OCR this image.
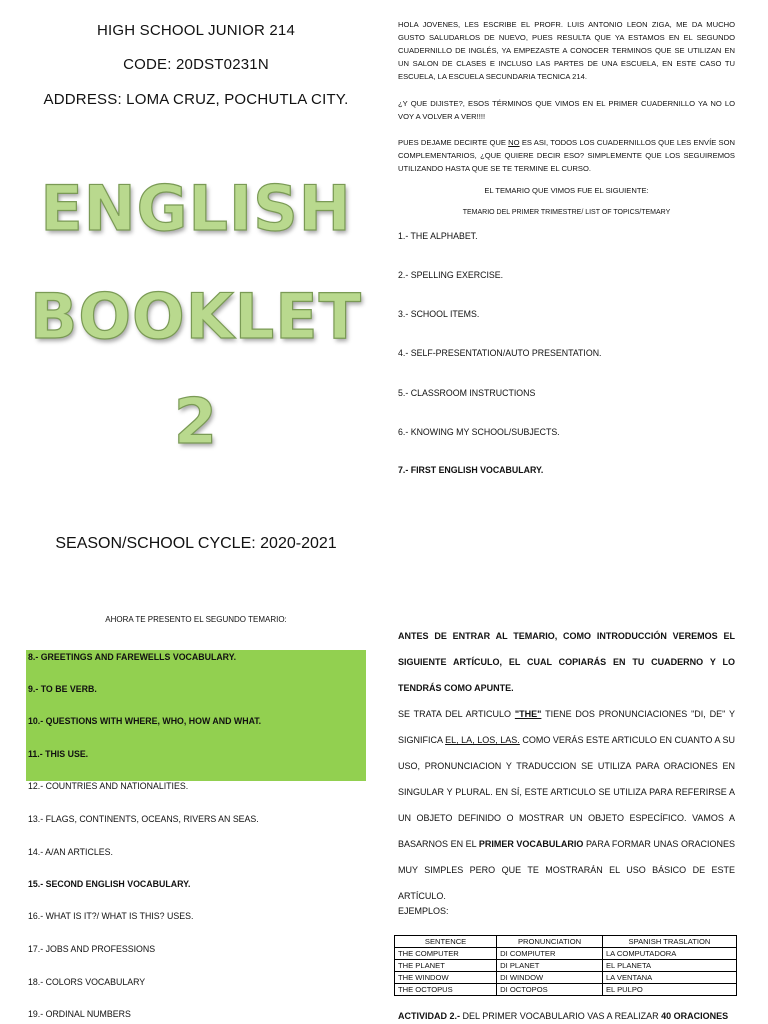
HIGH SCHOOL JUNIOR 214
CODE: 20DST0231N
ADDRESS: LOMA CRUZ, POCHUTLA CITY.
ENGLISH
BOOKLET
2
SEASON/SCHOOL CYCLE: 2020-2021
HOLA JOVENES, LES ESCRIBE EL PROFR. LUIS ANTONIO LEON ZIGA, ME DA MUCHO GUSTO SALUDARLOS DE NUEVO, PUES RESULTA QUE YA ESTAMOS EN EL SEGUNDO CUADERNILLO DE INGLÉS, YA EMPEZASTE A CONOCER TERMINOS QUE SE UTILIZAN EN UN SALON DE CLASES E INCLUSO LAS PARTES DE UNA ESCUELA, EN ESTE CASO TU ESCUELA, LA ESCUELA SECUNDARIA TECNICA 214.
¿Y QUE DIJISTE?, ESOS TÉRMINOS QUE VIMOS EN EL PRIMER CUADERNILLO YA NO LO VOY A VOLVER A VER!!!!
PUES DEJAME DECIRTE QUE NO ES ASI, TODOS LOS CUADERNILLOS QUE LES ENVÍE SON COMPLEMENTARIOS, ¿QUE QUIERE DECIR ESO? SIMPLEMENTE QUE LOS SEGUIREMOS UTILIZANDO HASTA QUE SE TE TERMINE EL CURSO.
EL TEMARIO QUE VIMOS FUE EL SIGUIENTE:
TEMARIO DEL PRIMER TRIMESTRE/ LIST OF TOPICS/TEMARY
1.- THE ALPHABET.
2.- SPELLING EXERCISE.
3.- SCHOOL ITEMS.
4.- SELF-PRESENTATION/AUTO PRESENTATION.
5.- CLASSROOM INSTRUCTIONS
6.- KNOWING MY SCHOOL/SUBJECTS.
7.- FIRST ENGLISH VOCABULARY.
AHORA TE PRESENTO EL SEGUNDO TEMARIO:
8.- GREETINGS AND FAREWELLS VOCABULARY.
9.- TO BE VERB.
10.- QUESTIONS WITH WHERE, WHO, HOW AND WHAT.
11.- THIS USE.
12.- COUNTRIES AND NATIONALITIES.
13.- FLAGS, CONTINENTS, OCEANS, RIVERS AN SEAS.
14.- A/AN ARTICLES.
15.- SECOND ENGLISH VOCABULARY.
16.- WHAT IS IT?/ WHAT IS THIS? USES.
17.- JOBS AND PROFESSIONS
18.- COLORS VOCABULARY
19.- ORDINAL NUMBERS
ANTES DE ENTRAR AL TEMARIO, COMO INTRODUCCIÓN VEREMOS EL SIGUIENTE ARTÍCULO, EL CUAL COPIARÁS EN TU CUADERNO Y LO TENDRÁS COMO APUNTE.
SE TRATA DEL ARTICULO "THE" TIENE DOS PRONUNCIACIONES "DI, DE" Y SIGNIFICA EL, LA, LOS, LAS. COMO VERÁS ESTE ARTICULO EN CUANTO A SU USO, PRONUNCIACION Y TRADUCCION SE UTILIZA PARA ORACIONES EN SINGULAR Y PLURAL. EN SÍ, ESTE ARTICULO SE UTILIZA PARA REFERIRSE A UN OBJETO DEFINIDO O MOSTRAR UN OBJETO ESPECÍFICO. VAMOS A BASARNOS EN EL PRIMER VOCABULARIO PARA FORMAR UNAS ORACIONES MUY SIMPLES PERO QUE TE MOSTRARÁN EL USO BÁSICO DE ESTE ARTÍCULO.
EJEMPLOS:
SENTENCE	PRONUNCIATION	SPANISH TRASLATION
THE COMPUTER	DI COMPIUTER	LA COMPUTADORA
THE PLANET	DI PLANET	EL PLANETA
THE WINDOW	DI WINDOW	LA VENTANA
THE OCTOPUS	DI OCTOPOS	EL PULPO
ACTIVIDAD 2.- DEL PRIMER VOCABULARIO VAS A REALIZAR 40 ORACIONES
